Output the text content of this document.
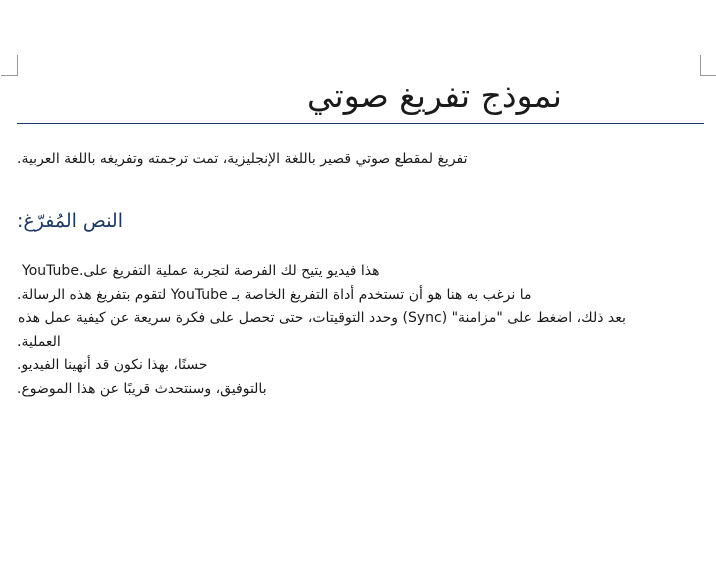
نموذج تفريغ صوتي
تفريغ لمقطع صوتي قصير باللغة الإنجليزية، تمت ترجمته وتفريغه باللغة العربية.
النص المُفرّغ:
هذا فيديو يتيح لك الفرصة لتجربة عملية التفريغ على.YouTube
ما نرغب به هنا هو أن تستخدم أداة التفريغ الخاصة بـ YouTube لتقوم بتفريغ هذه الرسالة.
بعد ذلك، اضغط على "مزامنة" (Sync) وحدد التوقيتات، حتى تحصل على فكرة سريعة عن كيفية عمل هذه
العملية.
حسنًا، بهذا نكون قد أنهينا الفيديو.
بالتوفيق، وسنتحدث قريبًا عن هذا الموضوع.
